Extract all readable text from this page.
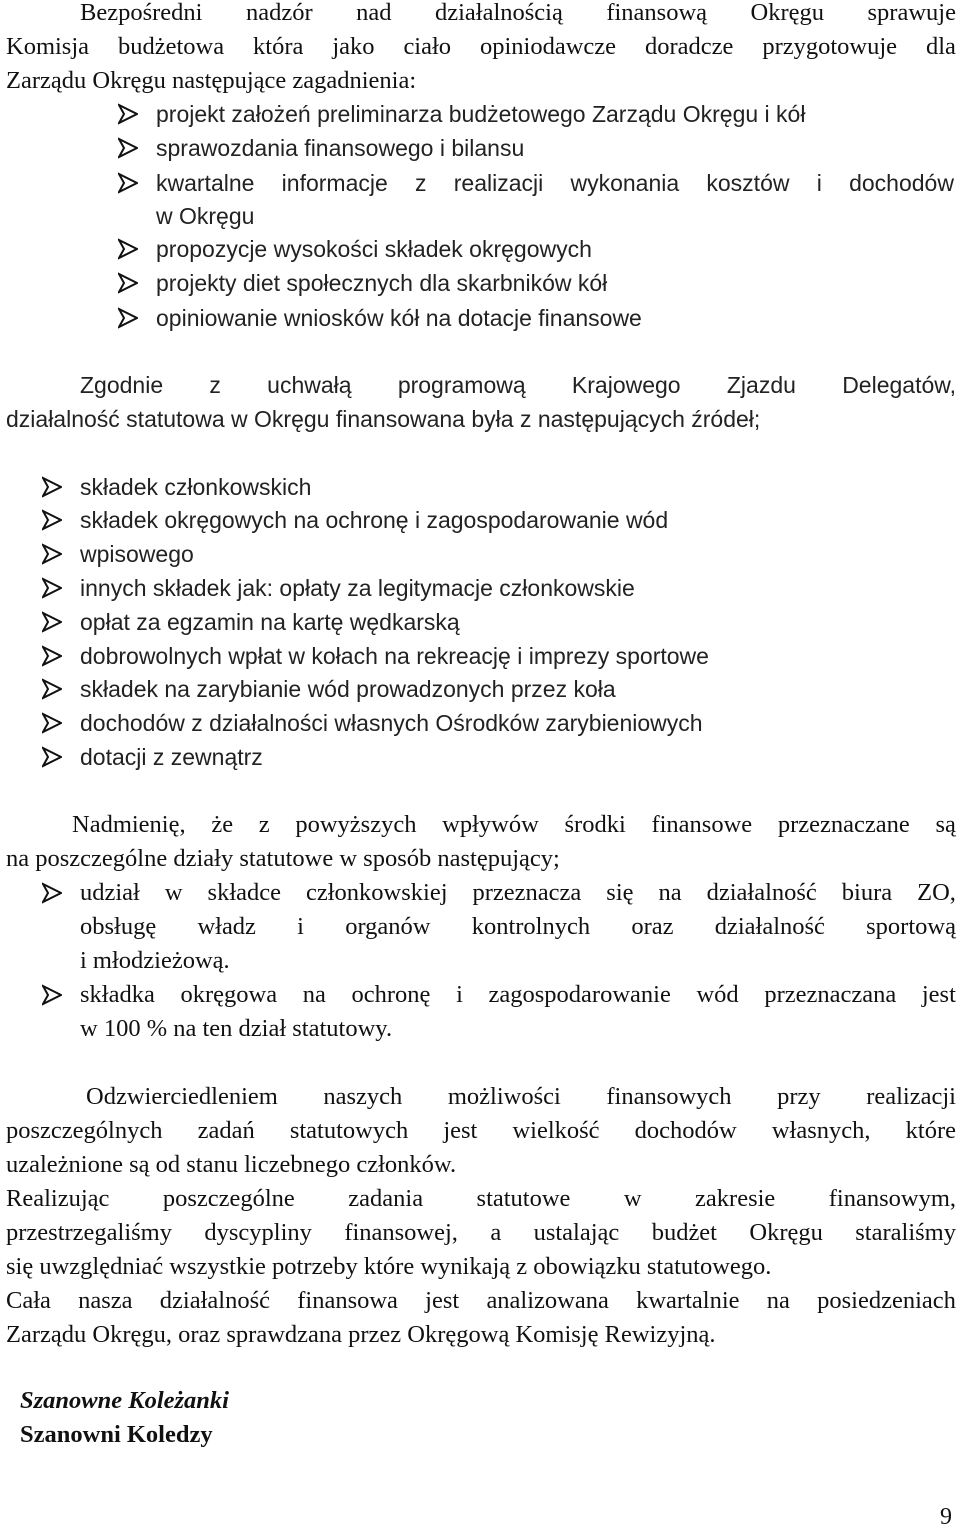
Bezpośredni nadzór nad działalnością finansową Okręgu sprawuje
Komisja budżetowa która jako ciało opiniodawcze doradcze przygotowuje dla
Zarządu Okręgu następujące zagadnienia:
projekt założeń preliminarza budżetowego Zarządu Okręgu i kół
sprawozdania finansowego i bilansu
kwartalne informacje z realizacji wykonania kosztów i dochodów
w Okręgu
propozycje wysokości składek okręgowych
projekty diet społecznych dla skarbników kół
opiniowanie wniosków kół na dotacje finansowe
Zgodnie z uchwałą programową Krajowego Zjazdu Delegatów,
działalność statutowa w Okręgu finansowana była z następujących źródeł;
składek członkowskich
składek okręgowych na ochronę i zagospodarowanie wód
wpisowego
innych składek jak: opłaty za legitymacje członkowskie
opłat za egzamin na kartę wędkarską
dobrowolnych wpłat w kołach na rekreację i imprezy sportowe
składek na zarybianie wód prowadzonych przez koła
dochodów z działalności własnych Ośrodków zarybieniowych
dotacji z zewnątrz
Nadmienię, że z powyższych wpływów środki finansowe przeznaczane są
na poszczególne działy statutowe w sposób następujący;
udział w składce członkowskiej przeznacza się na działalność biura ZO,
obsługę władz i organów kontrolnych oraz działalność sportową
i młodzieżową.
składka okręgowa na ochronę i zagospodarowanie wód przeznaczana jest
w 100 % na ten dział statutowy.
Odzwierciedleniem naszych możliwości finansowych przy realizacji
poszczególnych zadań statutowych jest wielkość dochodów własnych, które
uzależnione są od stanu liczebnego członków.
Realizując poszczególne zadania statutowe w zakresie finansowym,
przestrzegaliśmy dyscypliny finansowej, a ustalając budżet Okręgu staraliśmy
się uwzględniać wszystkie potrzeby które wynikają z obowiązku statutowego.
Cała nasza działalność finansowa jest analizowana kwartalnie na posiedzeniach
Zarządu Okręgu, oraz sprawdzana przez Okręgową Komisję Rewizyjną.
Szanowne Koleżanki
Szanowni Koledzy
9
